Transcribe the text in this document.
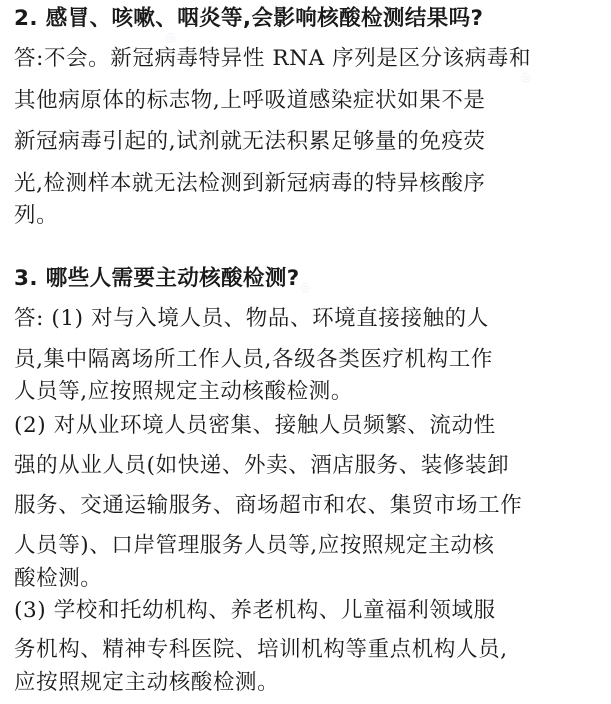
2. 感冒、咳嗽、咽炎等,会影响核酸检测结果吗?
答:不会。新冠病毒特异性 RNA 序列是区分该病毒和
其他病原体的标志物,上呼吸道感染症状如果不是
新冠病毒引起的,试剂就无法积累足够量的免疫荧
光,检测样本就无法检测到新冠病毒的特异核酸序
列。
3. 哪些人需要主动核酸检测?
答: (1) 对与入境人员、物品、环境直接接触的人
员,集中隔离场所工作人员,各级各类医疗机构工作
人员等,应按照规定主动核酸检测。
(2) 对从业环境人员密集、接触人员频繁、流动性
强的从业人员(如快递、外卖、酒店服务、装修装卸
服务、交通运输服务、商场超市和农、集贸市场工作
人员等)、口岸管理服务人员等,应按照规定主动核
酸检测。
(3) 学校和托幼机构、养老机构、儿童福利领域服
务机构、精神专科医院、培训机构等重点机构人员,
应按照规定主动核酸检测。
◎
◎
◎
